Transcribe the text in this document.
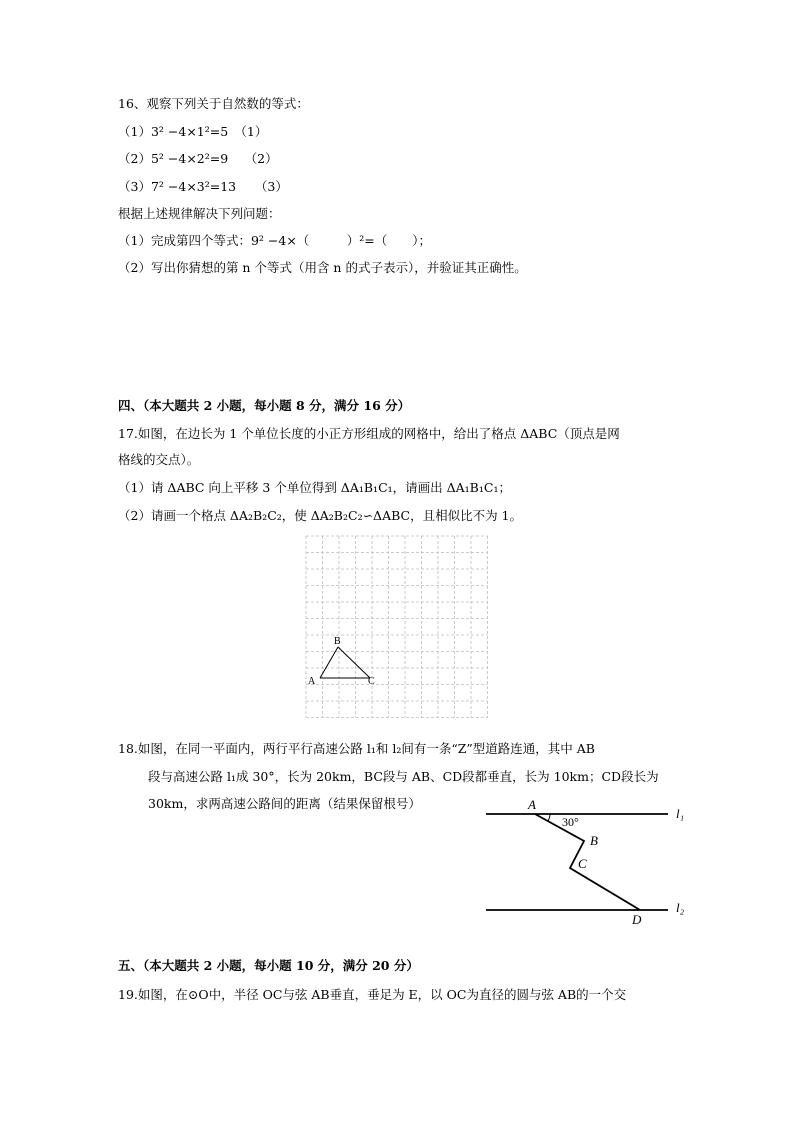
16、观察下列关于自然数的等式：
（1）3² −4×1²=5　（1）
（2）5² −4×2²=9　 （2）
（3）7² −4×3²=13　　（3）
根据上述规律解决下列问题：
（1）完成第四个等式：9² −4×（　　　）²=（　　）；
（2）写出你猜想的第 n 个等式（用含 n 的式子表示），并验证其正确性。
四、（本大题共 2 小题，每小题 8 分，满分 16 分）
17.如图，在边长为 1 个单位长度的小正方形组成的网格中，给出了格点 ΔABC（顶点是网
格线的交点）。
（1）请 ΔABC 向上平移 3 个单位得到 ΔA₁B₁C₁，请画出 ΔA₁B₁C₁；
（2）请画一个格点 ΔA₂B₂C₂，使 ΔA₂B₂C₂∽ΔABC，且相似比不为 1。
A
B
C
18.如图，在同一平面内，两行平行高速公路 l₁和 l₂间有一条“Z”型道路连通，其中 AB
段与高速公路 l₁成 30°，长为 20km，BC段与 AB、CD段都垂直，长为 10km；CD段长为
30km，求两高速公路间的距离（结果保留根号）	A
30°
B
C
D
l₁
l₂
五、（本大题共 2 小题，每小题 10 分，满分 20 分）
19.如图，在⊙O中，半径 OC与弦 AB垂直，垂足为 E，以 OC为直径的圆与弦 AB的一个交
